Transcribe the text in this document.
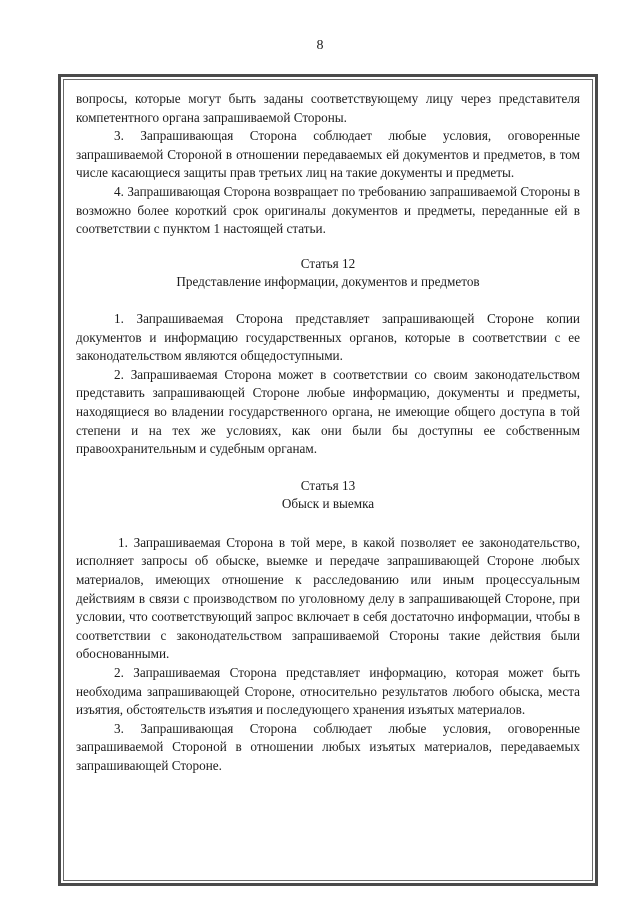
8

вопросы, которые могут быть заданы соответствующему лицу через представителя компетентного органа запрашиваемой Стороны.

3. Запрашивающая Сторона соблюдает любые условия, оговоренные запрашиваемой Стороной в отношении передаваемых ей документов и предметов, в том числе касающиеся защиты прав третьих лиц на такие документы и предметы.

4. Запрашивающая Сторона возвращает по требованию запрашиваемой Стороны в возможно более короткий срок оригиналы документов и предметы, переданные ей в соответствии с пунктом 1 настоящей статьи.

Статья 12
Представление информации, документов и предметов

1. Запрашиваемая Сторона представляет запрашивающей Стороне копии документов и информацию государственных органов, которые в соответствии с ее законодательством являются общедоступными.

2. Запрашиваемая Сторона может в соответствии со своим законодательством представить запрашивающей Стороне любые информацию, документы и предметы, находящиеся во владении государственного органа, не имеющие общего доступа в той степени и на тех же условиях, как они были бы доступны ее собственным правоохранительным и судебным органам.

Статья 13
Обыск и выемка

1. Запрашиваемая Сторона в той мере, в какой позволяет ее законодательство, исполняет запросы об обыске, выемке и передаче запрашивающей Стороне любых материалов, имеющих отношение к расследованию или иным процессуальным действиям в связи с производством по уголовному делу в запрашивающей Стороне, при условии, что соответствующий запрос включает в себя достаточно информации, чтобы в соответствии с законодательством запрашиваемой Стороны такие действия были обоснованными.

2. Запрашиваемая Сторона представляет информацию, которая может быть необходима запрашивающей Стороне, относительно результатов любого обыска, места изъятия, обстоятельств изъятия и последующего хранения изъятых материалов.

3. Запрашивающая Сторона соблюдает любые условия, оговоренные запрашиваемой Стороной в отношении любых изъятых материалов, передаваемых запрашивающей Стороне.
